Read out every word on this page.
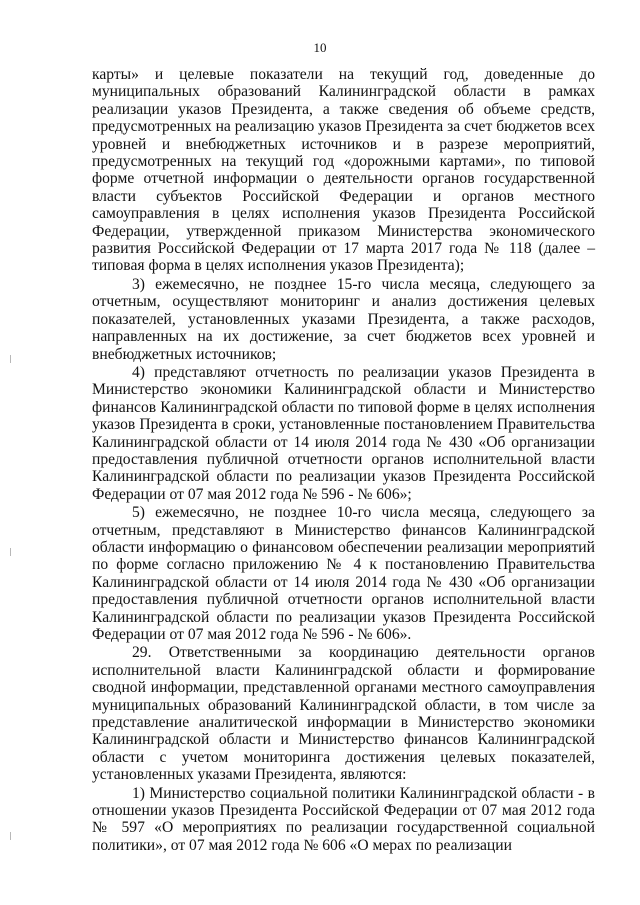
10

карты» и целевые показатели на текущий год, доведенные до муниципальных образований Калининградской области в рамках реализации указов Президента, а также сведения об объеме средств, предусмотренных на реализацию указов Президента за счет бюджетов всех уровней и внебюджетных источников и в разрезе мероприятий, предусмотренных на текущий год «дорожными картами», по типовой форме отчетной информации о деятельности органов государственной власти субъектов Российской Федерации и органов местного самоуправления в целях исполнения указов Президента Российской Федерации, утвержденной приказом Министерства экономического развития Российской Федерации от 17 марта 2017 года № 118 (далее – типовая форма в целях исполнения указов Президента);

3) ежемесячно, не позднее 15-го числа месяца, следующего за отчетным, осуществляют мониторинг и анализ достижения целевых показателей, установленных указами Президента, а также расходов, направленных на их достижение, за счет бюджетов всех уровней и внебюджетных источников;

4) представляют отчетность по реализации указов Президента в Министерство экономики Калининградской области и Министерство финансов Калининградской области по типовой форме в целях исполнения указов Президента в сроки, установленные постановлением Правительства Калининградской области от 14 июля 2014 года № 430 «Об организации предоставления публичной отчетности органов исполнительной власти Калининградской области по реализации указов Президента Российской Федерации от 07 мая 2012 года № 596 - № 606»;

5) ежемесячно, не позднее 10-го числа месяца, следующего за отчетным, представляют в Министерство финансов Калининградской области информацию о финансовом обеспечении реализации мероприятий по форме согласно приложению № 4 к постановлению Правительства Калининградской области от 14 июля 2014 года № 430 «Об организации предоставления публичной отчетности органов исполнительной власти Калининградской области по реализации указов Президента Российской Федерации от 07 мая 2012 года № 596 - № 606».

29. Ответственными за координацию деятельности органов исполнительной власти Калининградской области и формирование сводной информации, представленной органами местного самоуправления муниципальных образований Калининградской области, в том числе за представление аналитической информации в Министерство экономики Калининградской области и Министерство финансов Калининградской области с учетом мониторинга достижения целевых показателей, установленных указами Президента, являются:

1) Министерство социальной политики Калининградской области - в отношении указов Президента Российской Федерации от 07 мая 2012 года № 597 «О мероприятиях по реализации государственной социальной политики», от 07 мая 2012 года № 606 «О мерах по реализации
